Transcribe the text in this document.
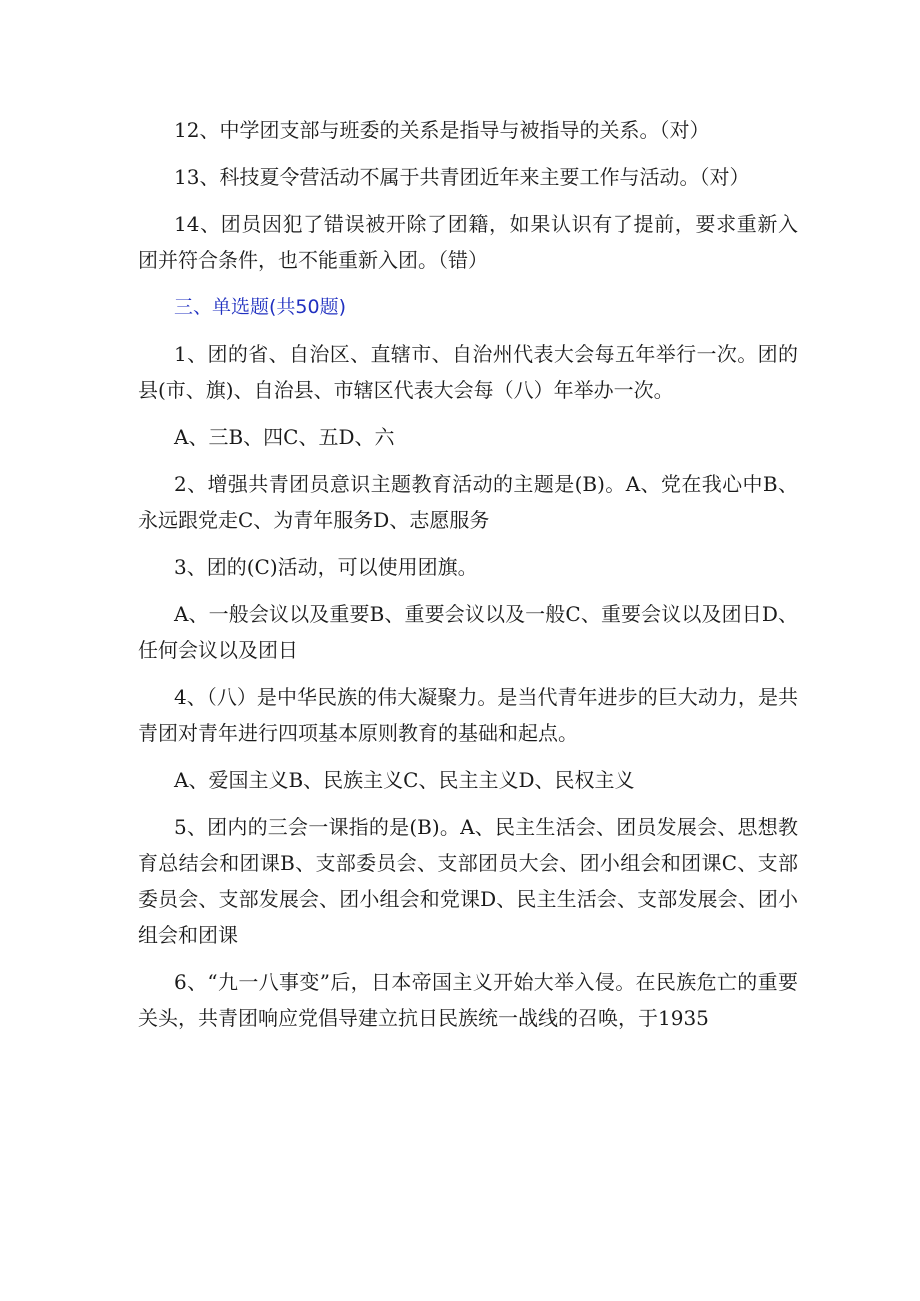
12、中学团支部与班委的关系是指导与被指导的关系。（对）

13、科技夏令营活动不属于共青团近年来主要工作与活动。（对）

14、团员因犯了错误被开除了团籍，如果认识有了提前，要求重新入团并符合条件，也不能重新入团。（错）

三、单选题(共50题)

1、团的省、自治区、直辖市、自治州代表大会每五年举行一次。团的县(市、旗)、自治县、市辖区代表大会每（八）年举办一次。

A、三B、四C、五D、六

2、增强共青团员意识主题教育活动的主题是(B)。A、党在我心中B、永远跟党走C、为青年服务D、志愿服务

3、团的(C)活动，可以使用团旗。

A、一般会议以及重要B、重要会议以及一般C、重要会议以及团日D、任何会议以及团日

4、（八）是中华民族的伟大凝聚力。是当代青年进步的巨大动力，是共青团对青年进行四项基本原则教育的基础和起点。

A、爱国主义B、民族主义C、民主主义D、民权主义

5、团内的三会一课指的是(B)。A、民主生活会、团员发展会、思想教育总结会和团课B、支部委员会、支部团员大会、团小组会和团课C、支部委员会、支部发展会、团小组会和党课D、民主生活会、支部发展会、团小组会和团课

6、“九一八事变”后，日本帝国主义开始大举入侵。在民族危亡的重要关头，共青团响应党倡导建立抗日民族统一战线的召唤，于1935
